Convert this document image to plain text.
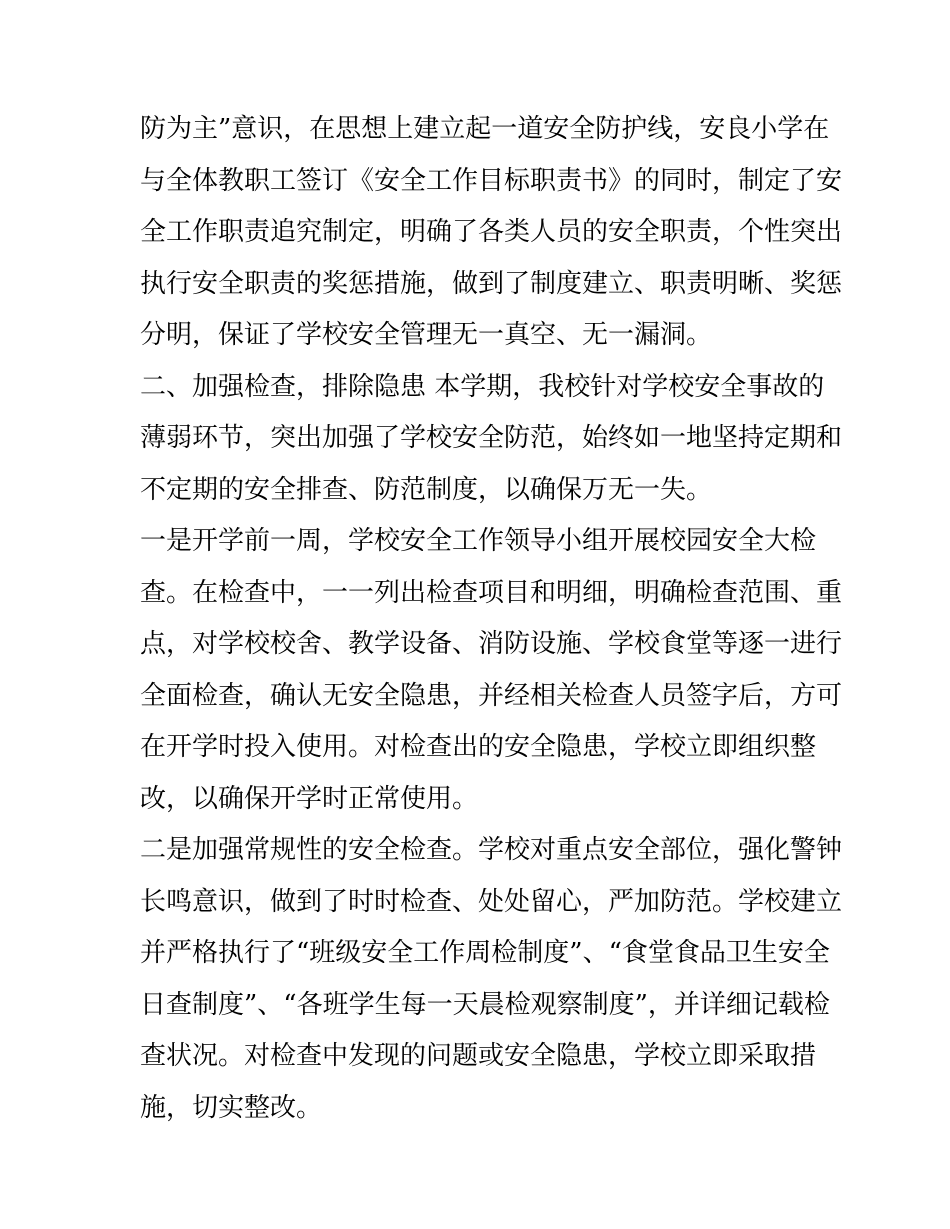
防为主”意识，在思想上建立起一道安全防护线，安良小学在
与全体教职工签订《安全工作目标职责书》的同时，制定了安
全工作职责追究制定，明确了各类人员的安全职责，个性突出
执行安全职责的奖惩措施，做到了制度建立、职责明晰、奖惩
分明，保证了学校安全管理无一真空、无一漏洞。
二、加强检查，排除隐患 本学期，我校针对学校安全事故的
薄弱环节，突出加强了学校安全防范，始终如一地坚持定期和
不定期的安全排查、防范制度，以确保万无一失。
一是开学前一周，学校安全工作领导小组开展校园安全大检
查。在检查中，一一列出检查项目和明细，明确检查范围、重
点，对学校校舍、教学设备、消防设施、学校食堂等逐一进行
全面检查，确认无安全隐患，并经相关检查人员签字后，方可
在开学时投入使用。对检查出的安全隐患，学校立即组织整
改，以确保开学时正常使用。
二是加强常规性的安全检查。学校对重点安全部位，强化警钟
长鸣意识，做到了时时检查、处处留心，严加防范。学校建立
并严格执行了“班级安全工作周检制度”、“食堂食品卫生安全
日查制度”、“各班学生每一天晨检观察制度”，并详细记载检
查状况。对检查中发现的问题或安全隐患，学校立即采取措
施，切实整改。
